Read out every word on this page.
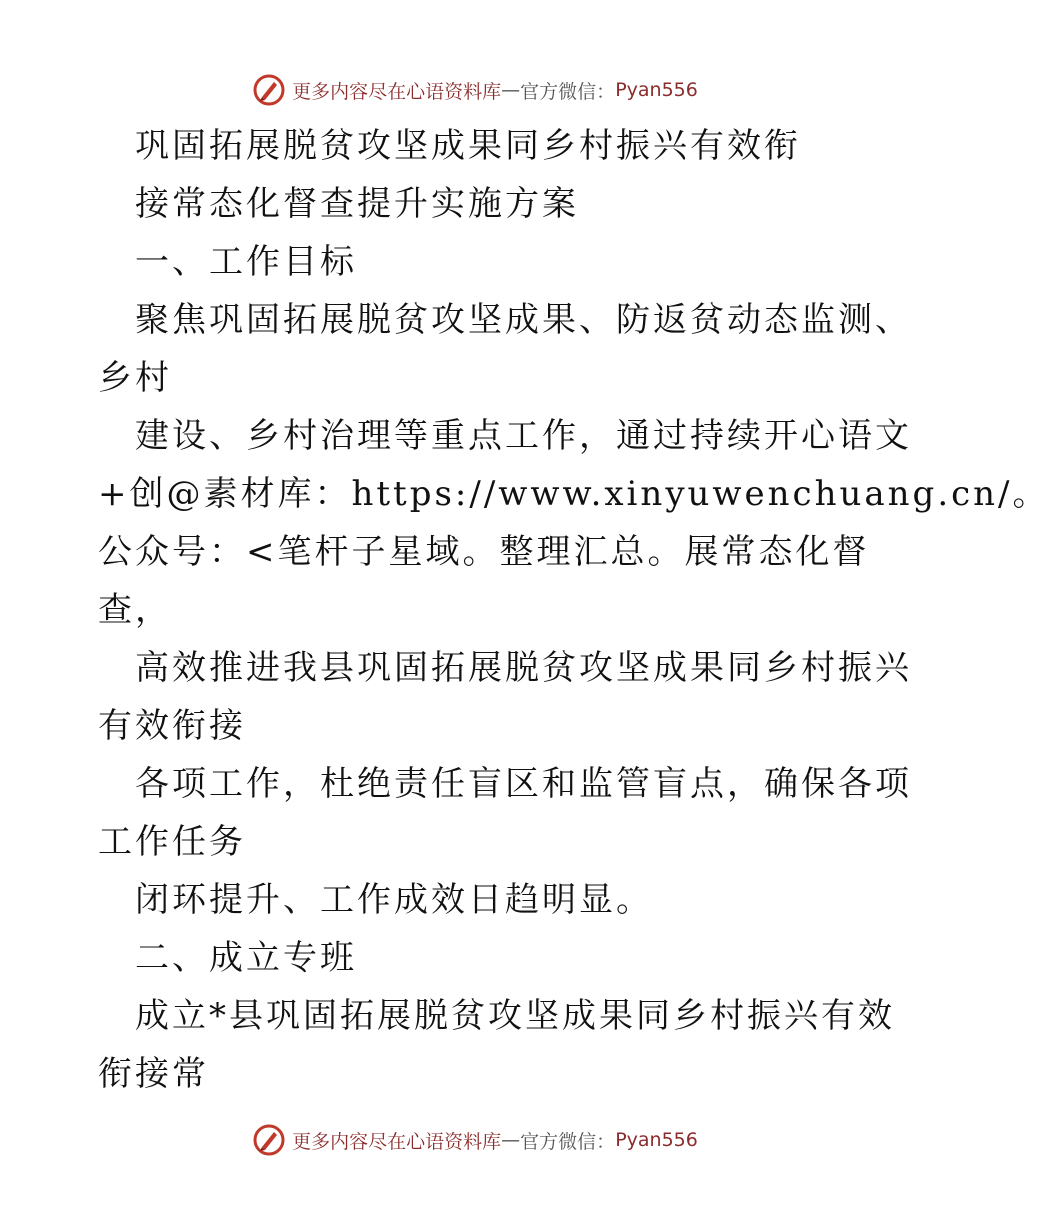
更多内容尽在心语资料库 — 官方微信： Pyan556
巩固拓展脱贫攻坚成果同乡村振兴有效衔
接常态化督查提升实施方案
一、工作目标
聚焦巩固拓展脱贫攻坚成果、防返贫动态监测、
乡村
建设、乡村治理等重点工作，通过持续开心语文
+创@素材库：https://www.xinyuwenchuang.cn/。
公众号：<笔杆子星域。整理汇总。展常态化督
查，
高效推进我县巩固拓展脱贫攻坚成果同乡村振兴
有效衔接
各项工作，杜绝责任盲区和监管盲点，确保各项
工作任务
闭环提升、工作成效日趋明显。
二、成立专班
成立*县巩固拓展脱贫攻坚成果同乡村振兴有效
衔接常
更多内容尽在心语资料库 — 官方微信： Pyan556
